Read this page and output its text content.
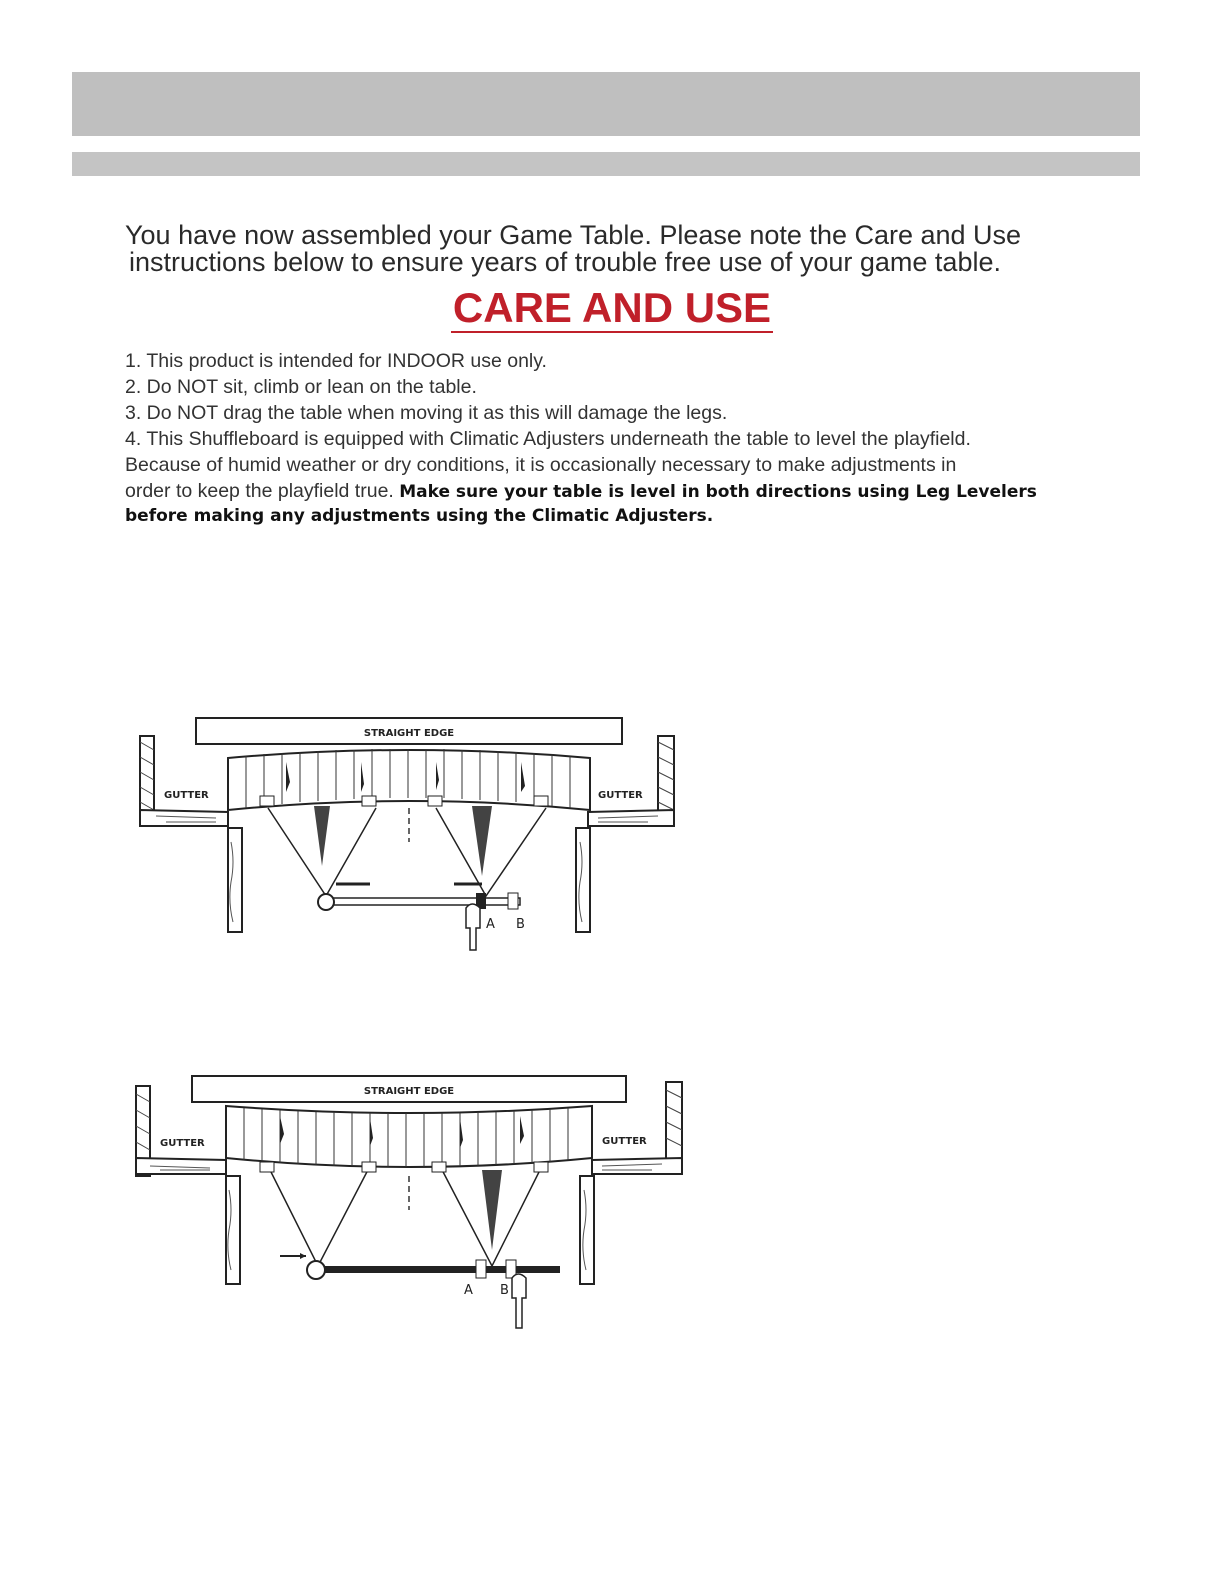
You have now assembled your Game Table. Please note the Care and Use

instructions below to ensure years of trouble free use of your game table.

CARE AND USE
1. This product is intended for INDOOR use only.
2. Do NOT sit, climb or lean on the table.
3. Do NOT drag the table when moving it as this will damage the legs.
4. This Shuffleboard is equipped with Climatic Adjusters underneath the table to level the playfield.
Because of humid weather or dry conditions, it is occasionally necessary to make adjustments in
order to keep the playfield true. Make sure your table is level in both directions using Leg Levelers
before making any adjustments using the Climatic Adjusters.
STRAIGHT EDGE
GUTTER	GUTTER
A B
STRAIGHT EDGE
GUTTER	GUTTER
A B
